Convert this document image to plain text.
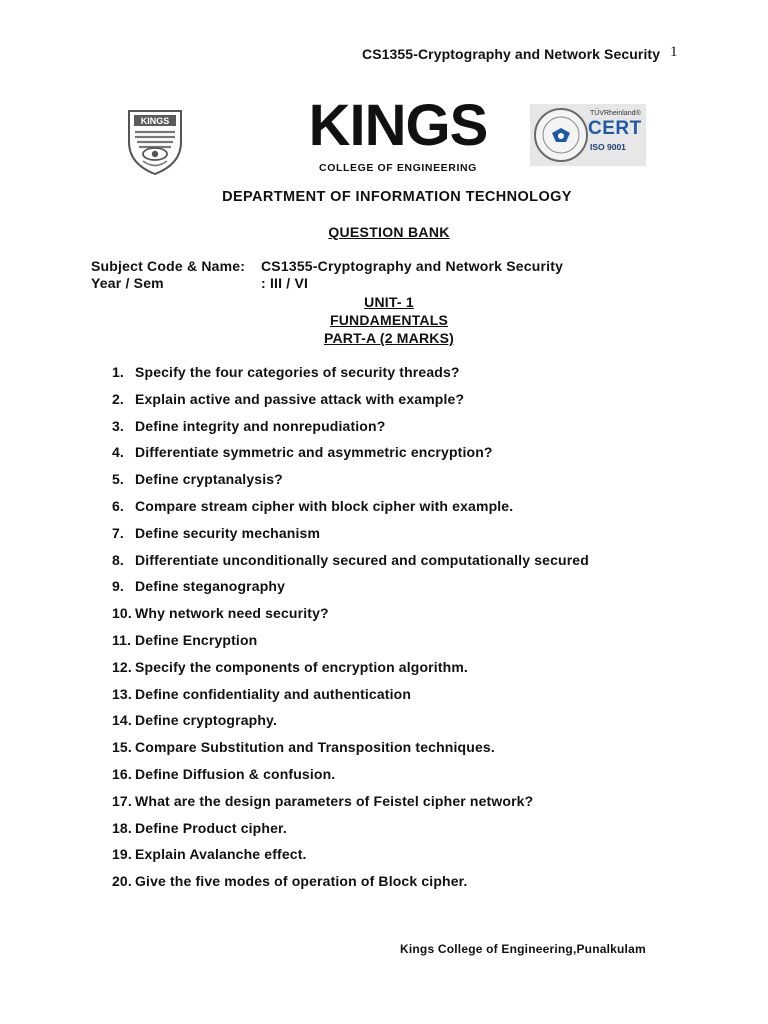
CS1355-Cryptography and Network Security 1
KINGS KINGS
COLLEGE OF ENGINEERING
TÜVRheinland®
CERT
ISO 9001
DEPARTMENT OF INFORMATION TECHNOLOGY
QUESTION BANK
Subject Code & Name: CS1355-Cryptography and Network Security
Year / Sem	: III / VI
UNIT- 1
FUNDAMENTALS
PART-A (2 MARKS)
1. Specify the four categories of security threads?
2. Explain active and passive attack with example?
3. Define integrity and nonrepudiation?
4. Differentiate symmetric and asymmetric encryption?
5. Define cryptanalysis?
6. Compare stream cipher with block cipher with example.
7. Define security mechanism
8. Differentiate unconditionally secured and computationally secured
9. Define steganography
10. Why network need security?
11. Define Encryption
12. Specify the components of encryption algorithm.
13. Define confidentiality and authentication
14. Define cryptography.
15. Compare Substitution and Transposition techniques.
16. Define Diffusion & confusion.
17. What are the design parameters of Feistel cipher network?
18. Define Product cipher.
19. Explain Avalanche effect.
20. Give the five modes of operation of Block cipher.
Kings College of Engineering,Punalkulam
